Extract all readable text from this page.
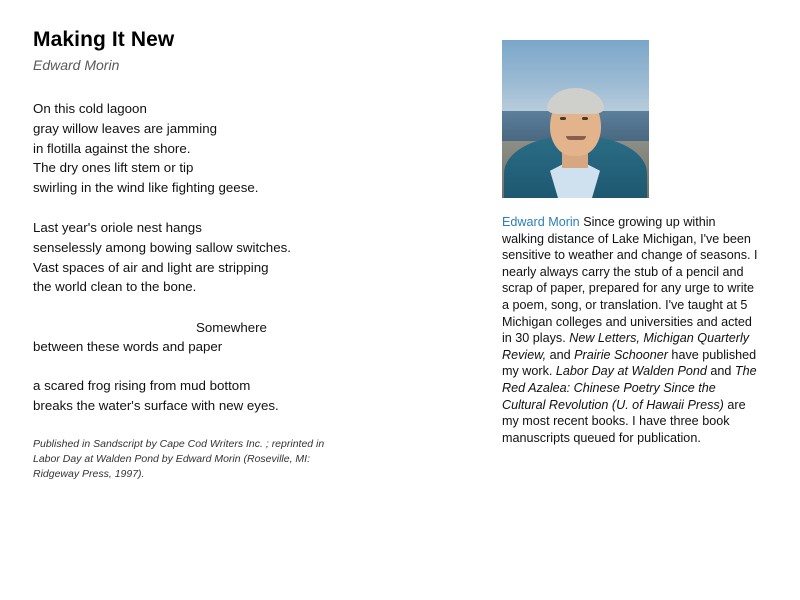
Making It New
Edward Morin
On this cold lagoon
gray willow leaves are jamming
in flotilla against the shore.
The dry ones lift stem or tip
swirling in the wind like fighting geese.
Last year's oriole nest hangs
senselessly among bowing sallow switches.
Vast spaces of air and light are stripping
the world clean to the bone.
Somewhere
between these words and paper
a scared frog rising from mud bottom
breaks the water's surface with new eyes.
Published in Sandscript by Cape Cod Writers Inc. ; reprinted in Labor Day at Walden Pond by Edward Morin (Roseville, MI: Ridgeway Press, 1997).
Edward Morin Since growing up within walking distance of Lake Michigan, I've been sensitive to weather and change of seasons. I nearly always carry the stub of a pencil and scrap of paper, prepared for any urge to write a poem, song, or translation. I've taught at 5 Michigan colleges and universities and acted in 30 plays. New Letters, Michigan Quarterly Review, and Prairie Schooner have published my work. Labor Day at Walden Pond and The Red Azalea: Chinese Poetry Since the Cultural Revolution (U. of Hawaii Press) are my most recent books. I have three book manuscripts queued for publication.
